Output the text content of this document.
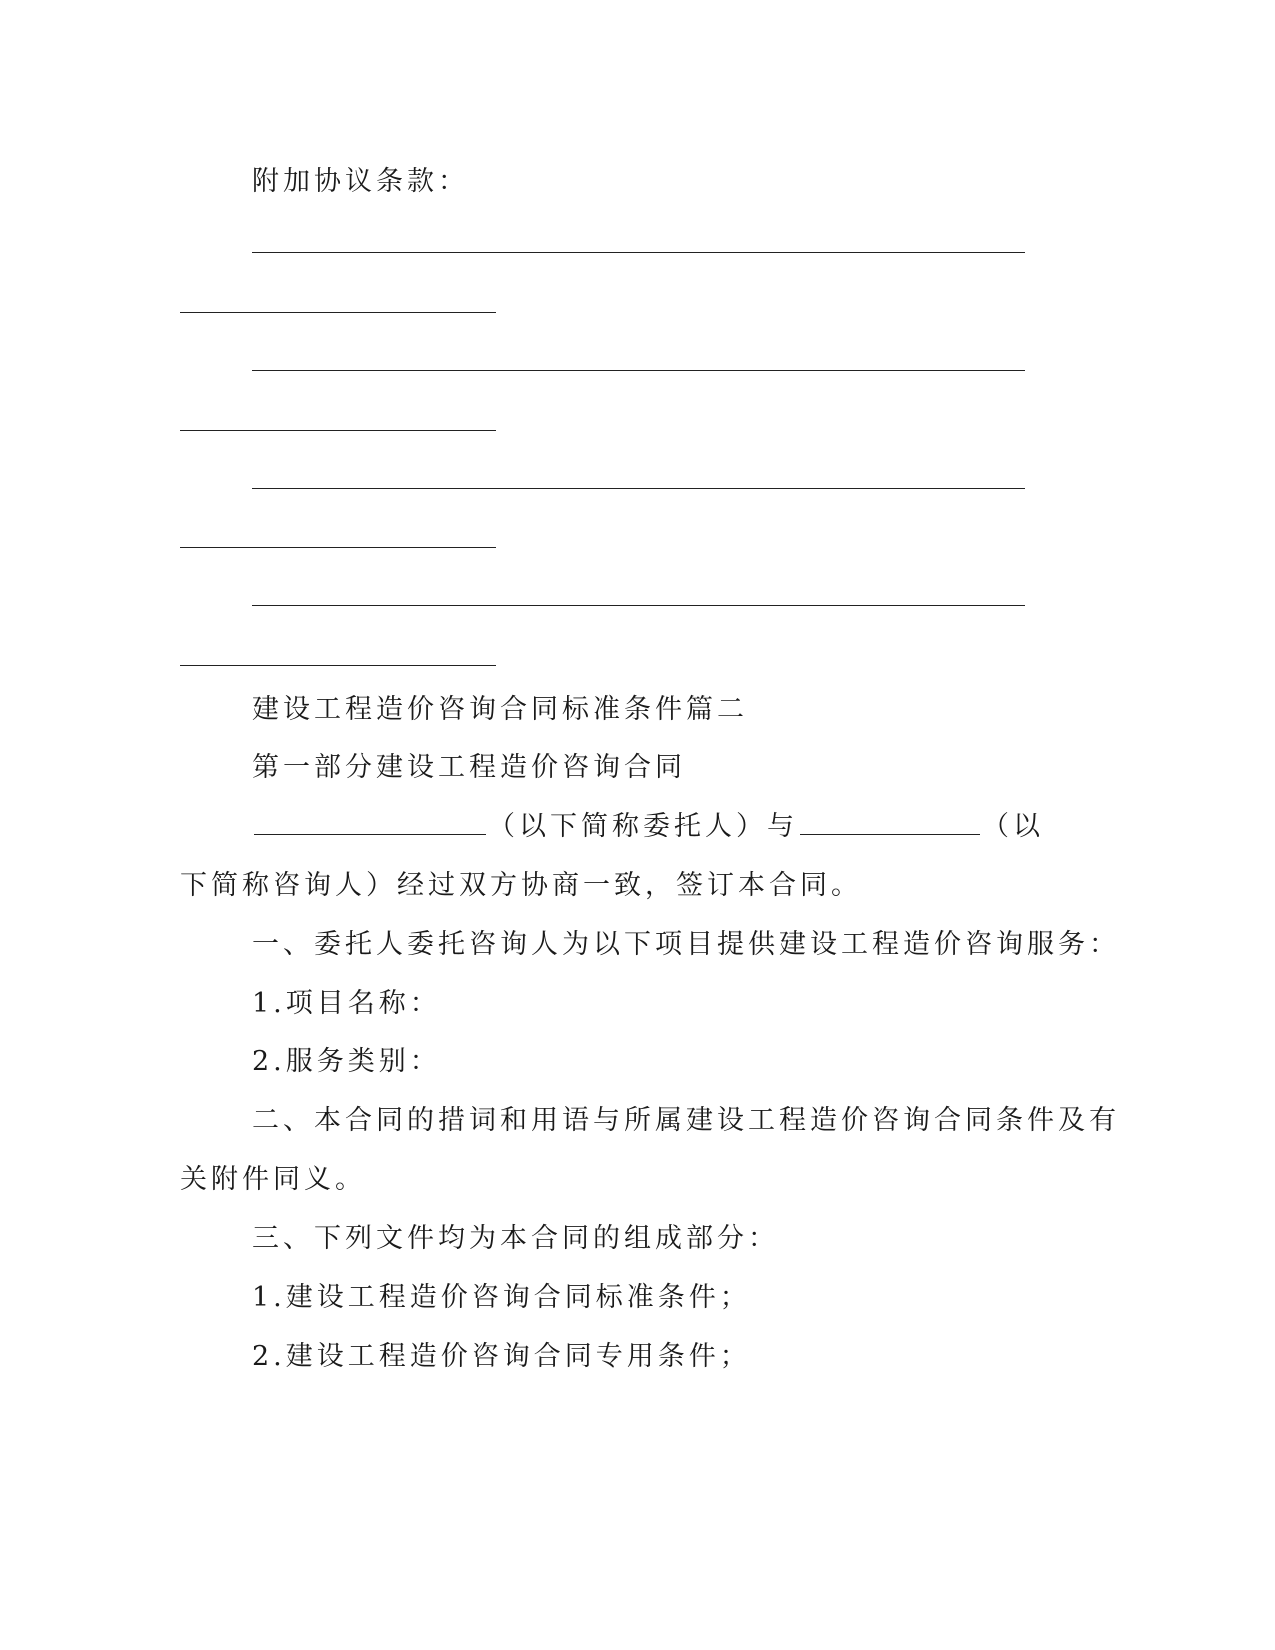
附加协议条款：
建设工程造价咨询合同标准条件篇二
第一部分建设工程造价咨询合同
（以下简称委托人）与	（以
下简称咨询人）经过双方协商一致，签订本合同。
一、委托人委托咨询人为以下项目提供建设工程造价咨询服务：
1.项目名称：
2.服务类别：
二、本合同的措词和用语与所属建设工程造价咨询合同条件及有
关附件同义。
三、下列文件均为本合同的组成部分：
1.建设工程造价咨询合同标准条件；
2.建设工程造价咨询合同专用条件；
